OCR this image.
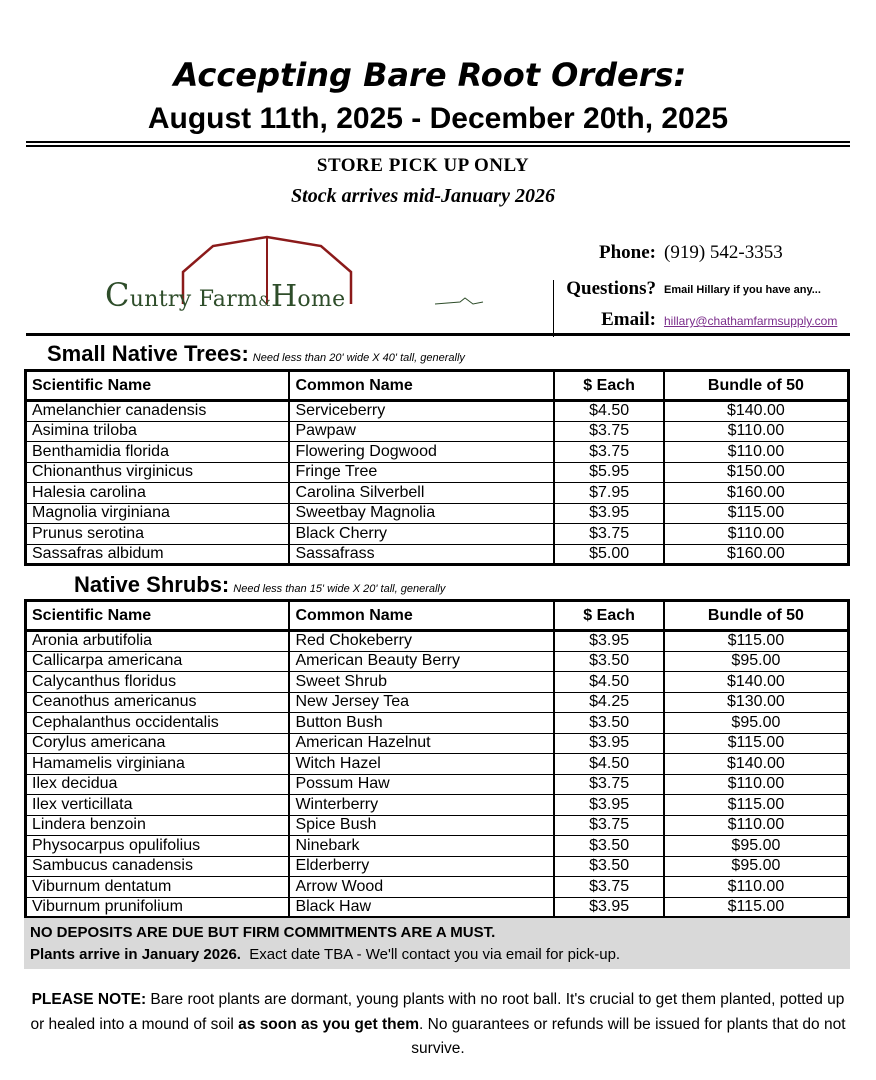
Accepting Bare Root Orders:
August 11th, 2025 - December 20th, 2025
STORE PICK UP ONLY
Stock arrives mid-January 2026
Cuntry Farm&Home
Phone: (919) 542-3353
Questions? Email Hillary if you have any...
Email: hillary@chathamfarmsupply.com
Small Native Trees: Need less than 20' wide X 40' tall, generally
Scientific Name	Common Name	$ Each	Bundle of 50
Amelanchier canadensis	Serviceberry	$4.50	$140.00
Asimina triloba	Pawpaw	$3.75	$110.00
Benthamidia florida	Flowering Dogwood	$3.75	$110.00
Chionanthus virginicus	Fringe Tree	$5.95	$150.00
Halesia carolina	Carolina Silverbell	$7.95	$160.00
Magnolia virginiana	Sweetbay Magnolia	$3.95	$115.00
Prunus serotina	Black Cherry	$3.75	$110.00
Sassafras albidum	Sassafrass	$5.00	$160.00
Native Shrubs: Need less than 15' wide X 20' tall, generally
Scientific Name	Common Name	$ Each	Bundle of 50
Aronia arbutifolia	Red Chokeberry	$3.95	$115.00
Callicarpa americana	American Beauty Berry	$3.50	$95.00
Calycanthus floridus	Sweet Shrub	$4.50	$140.00
Ceanothus americanus	New Jersey Tea	$4.25	$130.00
Cephalanthus occidentalis	Button Bush	$3.50	$95.00
Corylus americana	American Hazelnut	$3.95	$115.00
Hamamelis virginiana	Witch Hazel	$4.50	$140.00
Ilex decidua	Possum Haw	$3.75	$110.00
Ilex verticillata	Winterberry	$3.95	$115.00
Lindera benzoin	Spice Bush	$3.75	$110.00
Physocarpus opulifolius	Ninebark	$3.50	$95.00
Sambucus canadensis	Elderberry	$3.50	$95.00
Viburnum dentatum	Arrow Wood	$3.75	$110.00
Viburnum prunifolium	Black Haw	$3.95	$115.00
NO DEPOSITS ARE DUE BUT FIRM COMMITMENTS ARE A MUST.
Plants arrive in January 2026.  Exact date TBA - We'll contact you via email for pick-up.
PLEASE NOTE: Bare root plants are dormant, young plants with no root ball. It's crucial to get them planted, potted up or healed into a mound of soil as soon as you get them. No guarantees or refunds will be issued for plants that do not survive.
